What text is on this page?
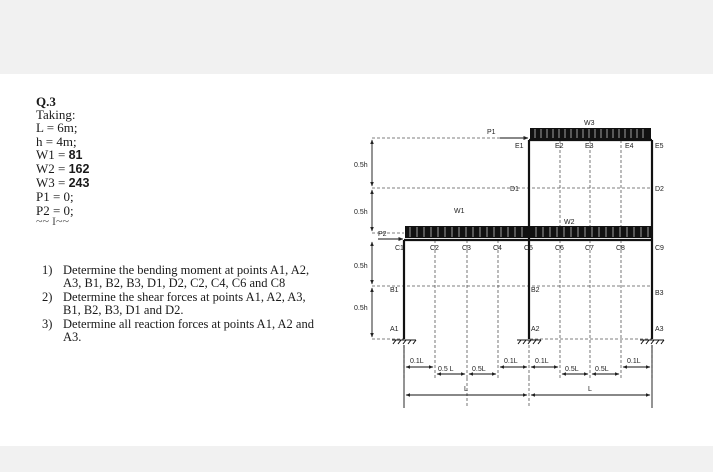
Q.3
Taking:
L = 6m;
h = 4m;
W1 = 81
W2 = 162
W3 = 243
P1 = 0;
P2 = 0;
~~ I~~
1) Determine the bending moment at points A1, A2, A3, B1, B2, B3, D1, D2, C2, C4, C6 and C8
2) Determine the shear forces at points A1, A2, A3, B1, B2, B3, D1 and D2.
3) Determine all reaction forces at points A1, A2 and A3.
W3
W1
W2
P1
P2
A1	A2	A3
B1	B2	B3
C1	C2	C3	C4	C5	C6	C7	C8	C9
D1	D2
E1	E2	E3	E4	E5
0.5h
0.5h
0.5h
0.5h
0.1L
0.5 L	0.5L
0.1L 0.1L
0.5L 0.5L
0.1L
L	L
